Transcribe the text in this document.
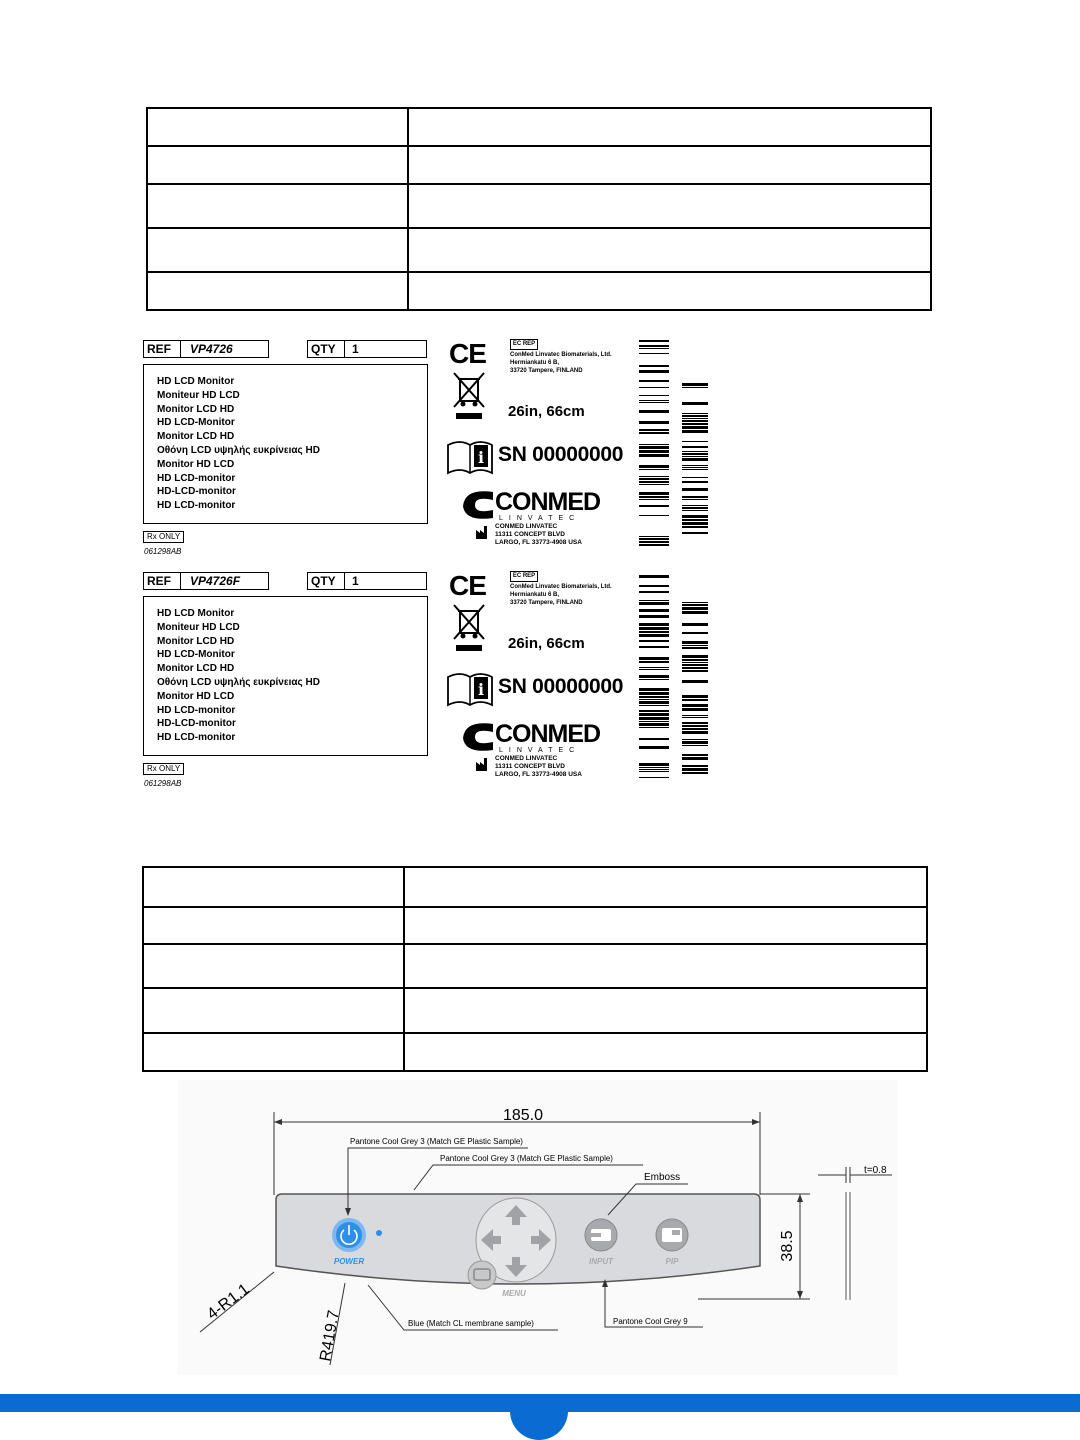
REF VP4726	QTY 1
HD LCD Monitor
Moniteur HD LCD
Monitor LCD HD
HD LCD-Monitor
Monitor LCD HD
Οθόνη LCD υψηλής ευκρίνειας HD
Monitor HD LCD
HD LCD-monitor
HD-LCD-monitor
HD LCD-monitor
Rx ONLY
061298AB
CE	EC REP
ConMed Linvatec Biomaterials, Ltd.
Hermiankatu 6 B,
33720 Tampere, FINLAND
26in, 66cm
i SN 00000000
CONMED
LINVATEC
CONMED LINVATEC
11311 CONCEPT BLVD
LARGO, FL 33773-4908 USA
REF VP4726F	QTY 1
HD LCD Monitor
Moniteur HD LCD
Monitor LCD HD
HD LCD-Monitor
Monitor LCD HD
Οθόνη LCD υψηλής ευκρίνειας HD
Monitor HD LCD
HD LCD-monitor
HD-LCD-monitor
HD LCD-monitor
Rx ONLY
061298AB
CE	EC REP
ConMed Linvatec Biomaterials, Ltd.
Hermiankatu 6 B,
33720 Tampere, FINLAND
26in, 66cm
i SN 00000000
CONMED
LINVATEC
CONMED LINVATEC
11311 CONCEPT BLVD
LARGO, FL 33773-4908 USA

185.0
POWER
MENU
INPUT	PIP	38.5
t=0.8
Pantone Cool Grey 3 (Match GE Plastic Sample)
Pantone Cool Grey 3 (Match GE Plastic Sample)
Emboss
Blue (Match CL membrane sample)	Pantone Cool Grey 9
4-R1.1
R419.7
